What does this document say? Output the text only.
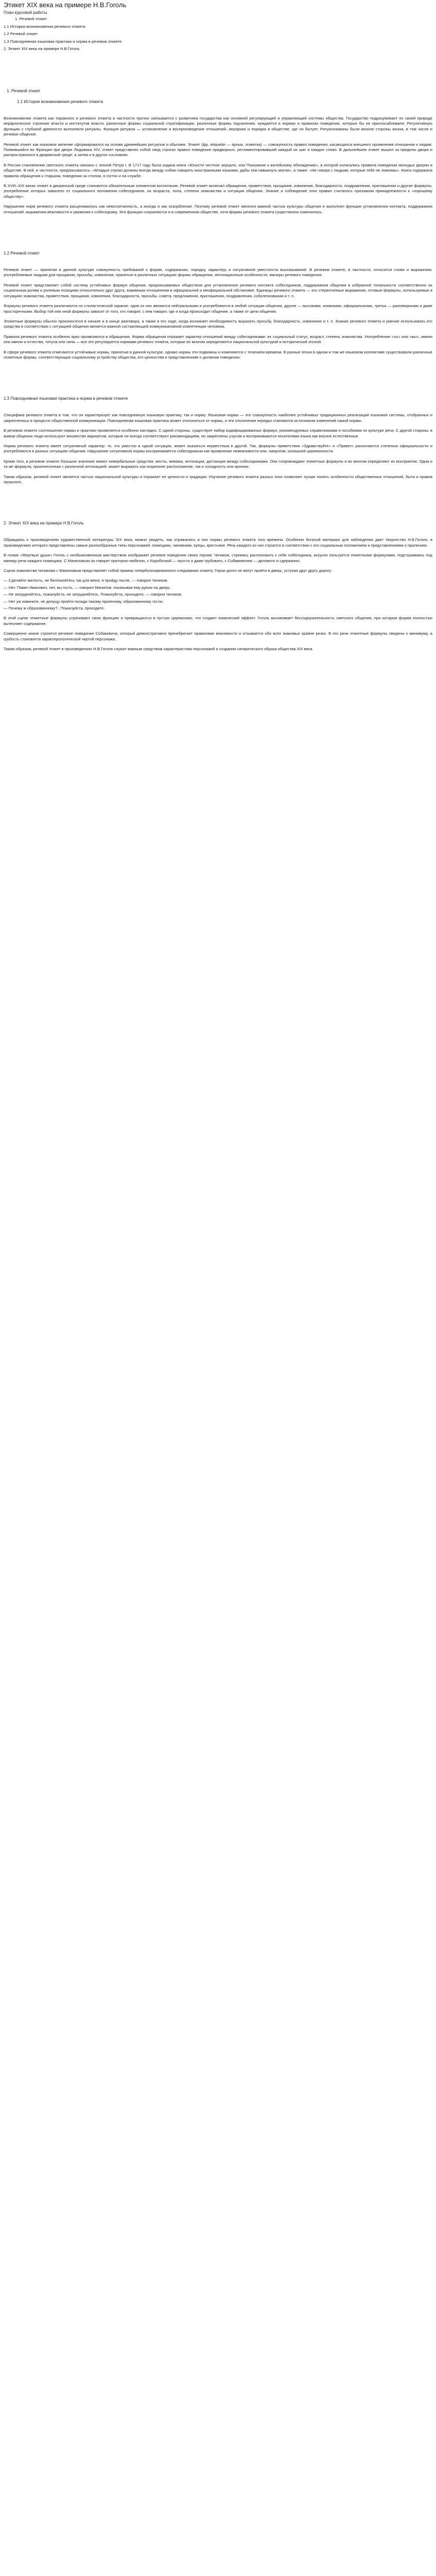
Этикет XIX века на примере Н.В.Гоголь
План курсовой работы
1. Речевой этикет
1.1 История возникновения речевого этикета
1.2 Речевой этикет
1.3 Повседневная языковая практика и норма в речевом этикете
2. Этикет XIX века на примере Н.В.Гоголь
1. Речевой этикет
1.1 История возникновения речевого этикета

Возникновение этикета как тиражного и речевого этикета в частности прочно связывается с развитием государства как основной регулирующей и управляющей системы общества. Государство подразумевает по своей природе иерархическое строение власти и институтов власти, различные формы социальной стратификации, различные формы подчинения, нуждается в нормах и правилах поведения, которые бы ее приспосабливали. Регулятивную функцию с глубокой древности выполняли ритуалы. Функция ритуала — установление и воспроизведение отношений, иерархии и порядка в обществе, где он бытует. Ритуализованы были многие стороны жизни, в том числе и речевое общение.

Речевой этикет как языковое явление сформировался на основе древнейших ритуалов и обычаев. Этикет (фр. etiquette — ярлык, этикетка) — совокупность правил поведения, касающихся внешнего проявления отношения к людям. Появившийся во Франции при дворе Людовика XIV, этикет представлял собой свод строгих правил поведения придворных, регламентировавший каждый их шаг и каждое слово. В дальнейшем этикет вышел за пределы двора и распространился в дворянской среде, а затем и в других сословиях.

В России становление светского этикета связано с эпохой Петра I. В 1717 году была издана книга «Юности честное зерцало, или Показание к житейскому обхождению», в которой излагались правила поведения молодых дворян в обществе. В ней, в частности, предписывалось: «Младые отроки должны всегда между собою говорить иностранными языками, дабы тем навыкнуть могли», а также: «Не говори с людьми, которые тебе не знакомы». Книга содержала правила обращения к старшим, поведения за столом, в гостях и на службе.

В XVIII–XIX веках этикет в дворянской среде становится обязательным элементом воспитания. Речевой этикет включал обращения, приветствия, прощания, извинения, благодарности, поздравления, приглашения и другие формулы, употребление которых зависело от социального положения собеседников, их возраста, пола, степени знакомства и ситуации общения. Знание и соблюдение этих правил считалось признаком принадлежности к «хорошему обществу».

Нарушение норм речевого этикета расценивалось как невоспитанность, а иногда и как оскорбление. Поэтому речевой этикет являлся важной частью культуры общения и выполнял функции установления контакта, поддержания отношений, выражения вежливости и уважения к собеседнику. Эти функции сохраняются и в современном обществе, хотя формы речевого этикета существенно изменились.

1.2 Речевой этикет

Речевой этикет — принятая в данной культуре совокупность требований к форме, содержанию, порядку, характеру и ситуативной уместности высказываний. В речевом этикете, в частности, относится слова и выражения, употребляемые людьми для прощания, просьбы, извинения, принятые в различных ситуациях формы обращения, интонационные особенности, манеры речевого поведения.

Речевой этикет представляет собой систему устойчивых формул общения, предписываемых обществом для установления речевого контакта собеседников, поддержания общения в избранной тональности соответственно их социальным ролям и ролевым позициям относительно друг друга, взаимным отношениям в официальной и неофициальной обстановке. Единицы речевого этикета — это стереотипные выражения, готовые формулы, используемые в ситуациях знакомства, приветствия, прощания, извинения, благодарности, просьбы, совета, предложения, приглашения, поздравления, соболезнования и т. п.

Формулы речевого этикета различаются по стилистической окраске: одни из них являются нейтральными и употребляются в любой ситуации общения, другие — высокими, книжными, официальными, третьи — разговорными и даже просторечными. Выбор той или иной формулы зависит от того, кто говорит, с кем говорит, где и когда происходит общение, а также от цели общения.

Этикетные формулы обычно произносятся в начале и в конце разговора, а также в его ходе, когда возникает необходимость выразить просьбу, благодарность, извинение и т. п. Знание речевого этикета и умение использовать его средства в соответствии с ситуацией общения является важной составляющей коммуникативной компетенции человека.

Правила речевого этикета особенно ярко проявляются в обращении. Форма обращения отражает характер отношений между собеседниками: их социальный статус, возраст, степень знакомства. Употребление «ты» или «вы», имени или имени и отчества, титула или чина — все это регулируется нормами речевого этикета, которые во многом определяются национальной культурой и исторической эпохой.

В сфере речевого этикета отмечаются устойчивые нормы, принятые в данной культуре, однако нормы эти подвижны и изменяются с течением времени. В разные эпохи в одном и том же языковом коллективе существовали различные этикетные формы, соответствующие социальному устройству общества, его ценностям и представлениям о должном поведении.

1.3 Повседневная языковая практика и норма в речевом этикете

Специфика речевого этикета в том, что он характеризует как повседневную языковую практику, так и норму. Языковая норма — это совокупность наиболее устойчивых традиционных реализаций языковой системы, отобранных и закрепленных в процессе общественной коммуникации. Повседневная языковая практика может отклоняться от нормы, и эти отклонения нередко становятся источником изменений самой нормы.

В речевом этикете соотношение нормы и практики проявляется особенно наглядно. С одной стороны, существует набор кодифицированных формул, рекомендуемых справочниками и пособиями по культуре речи. С другой стороны, в живом общении люди используют множество вариантов, которые не всегда соответствуют рекомендациям, но закреплены узусом и воспринимаются носителями языка как вполне естественные.

Норма речевого этикета имеет ситуативный характер: то, что уместно в одной ситуации, может оказаться неуместным в другой. Так, формулы приветствия «Здравствуйте» и «Привет» различаются степенью официальности и употребляются в разных ситуациях общения. Нарушение ситуативной нормы воспринимается собеседником как проявление невежливости или, напротив, излишней церемонности.

Кроме того, в речевом этикете большое значение имеют невербальные средства: жесты, мимика, интонация, дистанция между собеседниками. Они сопровождают этикетные формулы и во многом определяют их восприятие. Одна и та же формула, произнесенная с различной интонацией, может выражать как искреннее расположение, так и холодность или иронию.

Таким образом, речевой этикет является частью национальной культуры и отражает ее ценности и традиции. Изучение речевого этикета разных эпох позволяет лучше понять особенности общественных отношений, быта и нравов прошлого.

2. Этикет XIX века на примере Н.В.Гоголь

Обращаясь к произведениям художественной литературы XIX века, можно увидеть, как отражались в них нормы речевого этикета того времени. Особенно богатый материал для наблюдения дает творчество Н.В.Гоголя, в произведениях которого представлены самые разнообразные типы персонажей: помещики, чиновники, купцы, крестьяне. Речь каждого из них строится в соответствии с его социальным положением и представлениями о приличиях.

В поэме «Мертвые души» Гоголь с необыкновенным мастерством изображает речевое поведение своих героев. Чичиков, стремясь расположить к себе собеседника, искусно пользуется этикетными формулами, подстраиваясь под манеру речи каждого помещика. С Маниловым он говорит приторно-любезно, с Коробочкой — просто и даже грубовато, с Собакевичем — деловито и сдержанно.

Сцена знакомства Чичикова с Маниловым представляет собой пример гиперболизированного следования этикету. Герои долго не могут пройти в дверь, уступая друг другу дорогу:

— Сделайте милость, не беспокойтесь так для меня, я пройду после, — говорил Чичиков.
— Нет, Павел Иванович, нет, вы гость, — говорил Манилов, показывая ему рукою на дверь.
— Не затрудняйтесь, пожалуйста, не затрудняйтесь. Пожалуйста, проходите, — говорил Чичиков.
— Нет уж извините, не допущу пройти позади такому приятному, образованному гостю.
— Почему ж образованному?.. Пожалуйста, проходите.

В этой сцене этикетные формулы утрачивают свою функцию и превращаются в пустую церемонию, что создает комический эффект. Гоголь высмеивает бессодержательность светского общения, при котором форма полностью вытесняет содержание.

Совершенно иначе строится речевое поведение Собакевича, который демонстративно пренебрегает правилами вежливости и отзывается обо всех знакомых крайне резко. В его речи этикетные формулы сведены к минимуму, а грубость становится характерологической чертой персонажа.

Таким образом, речевой этикет в произведениях Н.В.Гоголя служит важным средством характеристики персонажей и создания сатирического образа общества XIX века.
